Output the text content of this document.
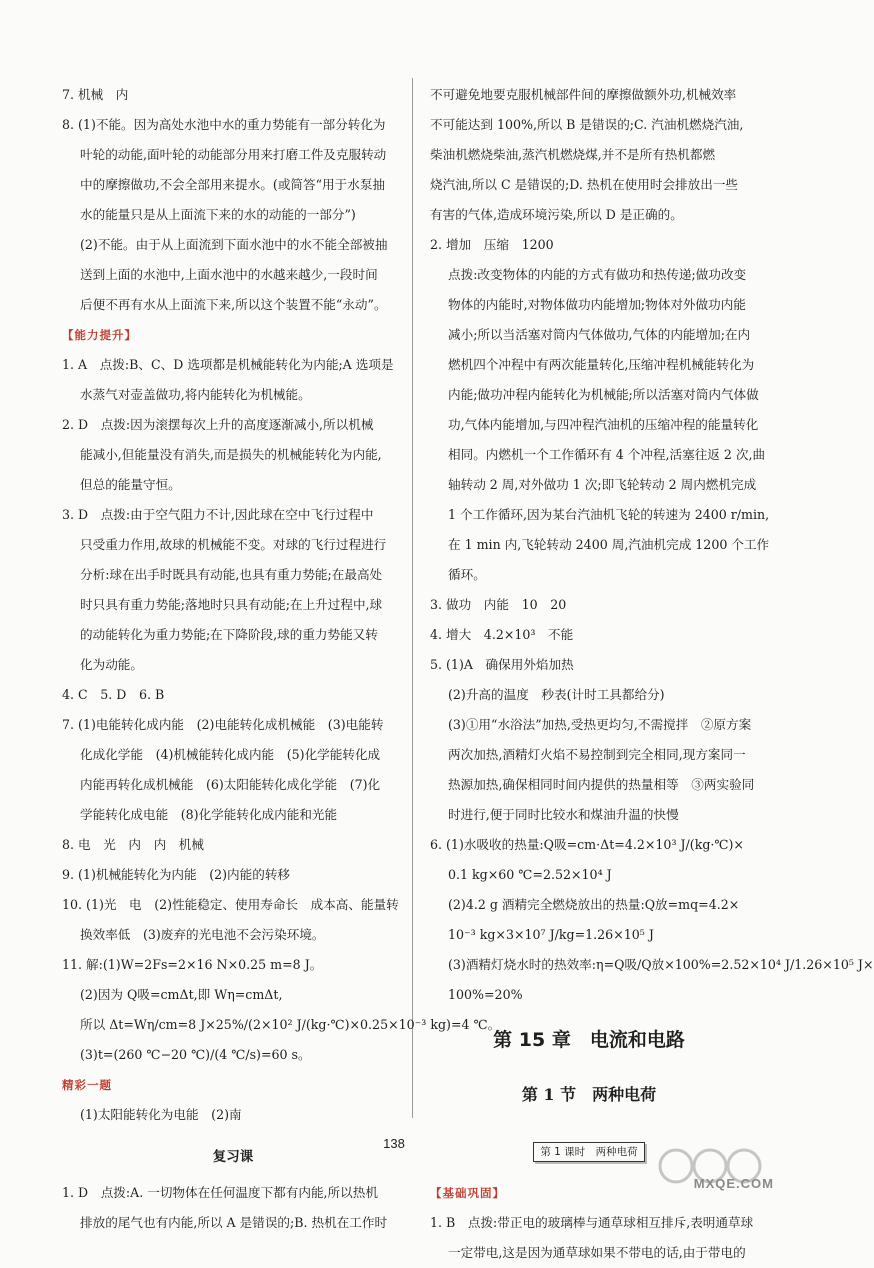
7. 机械　内
8. (1)不能。因为高处水池中水的重力势能有一部分转化为
叶轮的动能,面叶轮的动能部分用来打磨工件及克服转动
中的摩擦做功,不会全部用来提水。(或简答“用于水泵抽
水的能量只是从上面流下来的水的动能的一部分”)
(2)不能。由于从上面流到下面水池中的水不能全部被抽
送到上面的水池中,上面水池中的水越来越少,一段时间
后便不再有水从上面流下来,所以这个装置不能“永动”。
【能力提升】
1. A　点拨:B、C、D 选项都是机械能转化为内能;A 选项是
水蒸气对壶盖做功,将内能转化为机械能。
2. D　点拨:因为滚摆每次上升的高度逐渐减小,所以机械
能减小,但能量没有消失,而是损失的机械能转化为内能,
但总的能量守恒。
3. D　点拨:由于空气阻力不计,因此球在空中飞行过程中
只受重力作用,故球的机械能不变。对球的飞行过程进行
分析:球在出手时既具有动能,也具有重力势能;在最高处
时只具有重力势能;落地时只具有动能;在上升过程中,球
的动能转化为重力势能;在下降阶段,球的重力势能又转
化为动能。
4. C　5. D　6. B
7. (1)电能转化成内能　(2)电能转化成机械能　(3)电能转
化成化学能　(4)机械能转化成内能　(5)化学能转化成
内能再转化成机械能　(6)太阳能转化成化学能　(7)化
学能转化成电能　(8)化学能转化成内能和光能
8. 电　光　内　内　机械
9. (1)机械能转化为内能　(2)内能的转移
10. (1)光　电　(2)性能稳定、使用寿命长　成本高、能量转
换效率低　(3)废弃的光电池不会污染环境。
11. 解:(1)W=2Fs=2×16 N×0.25 m=8 J。
(2)因为 Q吸=cmΔt,即 Wη=cmΔt,
所以 Δt=Wη/cm=8 J×25%/(2×10² J/(kg·℃)×0.25×10⁻³ kg)=4 ℃。
(3)t=(260 ℃−20 ℃)/(4 ℃/s)=60 s。
精彩一题
(1)太阳能转化为电能　(2)南
复习课
1. D　点拨:A. 一切物体在任何温度下都有内能,所以热机
排放的尾气也有内能,所以 A 是错误的;B. 热机在工作时
不可避免地要克服机械部件间的摩擦做额外功,机械效率
不可能达到 100%,所以 B 是错误的;C. 汽油机燃烧汽油,
柴油机燃烧柴油,蒸汽机燃烧煤,并不是所有热机都燃
烧汽油,所以 C 是错误的;D. 热机在使用时会排放出一些
有害的气体,造成环境污染,所以 D 是正确的。
2. 增加　压缩　1200
点拨:改变物体的内能的方式有做功和热传递;做功改变
物体的内能时,对物体做功内能增加;物体对外做功内能
减小;所以当活塞对筒内气体做功,气体的内能增加;在内
燃机四个冲程中有两次能量转化,压缩冲程机械能转化为
内能;做功冲程内能转化为机械能;所以活塞对筒内气体做
功,气体内能增加,与四冲程汽油机的压缩冲程的能量转化
相同。内燃机一个工作循环有 4 个冲程,活塞往返 2 次,曲
轴转动 2 周,对外做功 1 次;即飞轮转动 2 周内燃机完成
1 个工作循环,因为某台汽油机飞轮的转速为 2400 r/min,
在 1 min 内,飞轮转动 2400 周,汽油机完成 1200 个工作
循环。
3. 做功　内能　10　20
4. 增大　4.2×10³　不能
5. (1)A　确保用外焰加热
(2)升高的温度　秒表(计时工具都给分)
(3)①用“水浴法”加热,受热更均匀,不需搅拌　②原方案
两次加热,酒精灯火焰不易控制到完全相同,现方案同一
热源加热,确保相同时间内提供的热量相等　③两实验同
时进行,便于同时比较水和煤油升温的快慢
6. (1)水吸收的热量:Q吸=cm·Δt=4.2×10³ J/(kg·℃)×
0.1 kg×60 ℃=2.52×10⁴ J
(2)4.2 g 酒精完全燃烧放出的热量:Q放=mq=4.2×
10⁻³ kg×3×10⁷ J/kg=1.26×10⁵ J
(3)酒精灯烧水时的热效率:η=Q吸/Q放×100%=2.52×10⁴ J/1.26×10⁵ J×
100%=20%
第 15 章　电流和电路
第 1 节　两种电荷
第 1 课时　两种电荷
【基础巩固】
1. B　点拨:带正电的玻璃棒与通草球相互排斥,表明通草球
一定带电,这是因为通草球如果不带电的话,由于带电的
138
MXQE.COM
